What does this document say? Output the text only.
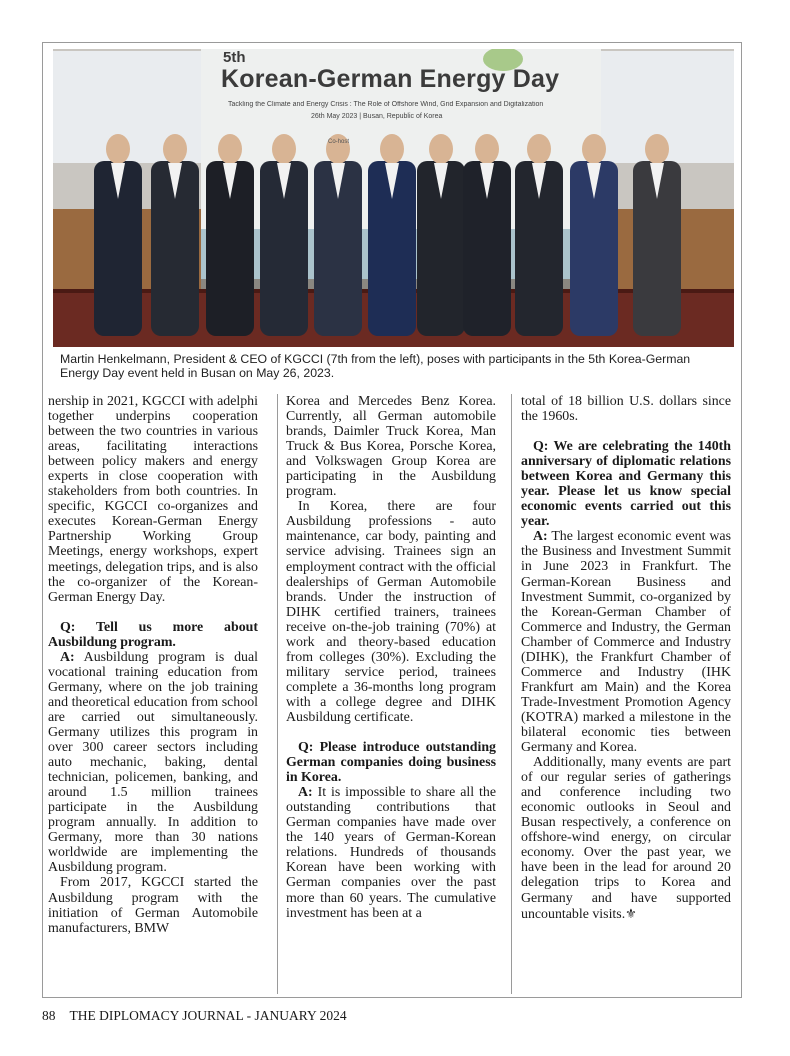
5th
Korean-German Energy Day
Tackling the Climate and Energy Crisis : The Role of Offshore Wind, Grid Expansion and Digitalization
26th May 2023 | Busan, Republic of Korea
Co-host
Martin Henkelmann, President & CEO of KGCCI (7th from the left), poses with participants in the 5th Korea-German Energy Day event held in Busan on May 26, 2023.

nership in 2021, KGCCI with adelphi together underpins cooperation between the two countries in various areas, facilitating interactions between policy makers and energy experts in close cooperation with stakeholders from both countries. In specific, KGCCI co-organizes and executes Korean-German Energy Partnership Working Group Meetings, energy workshops, expert meetings, delegation trips, and is also the co-organizer of the Korean-German Energy Day.

Q: Tell us more about Ausbildung program.

A: Ausbildung program is dual vocational training education from Germany, where on the job training and theoretical education from school are carried out simultaneously. Germany utilizes this program in over 300 career sectors including auto mechanic, baking, dental technician, policemen, banking, and around 1.5 million trainees participate in the Ausbildung program annually. In addition to Germany, more than 30 nations worldwide are implementing the Ausbildung program.

From 2017, KGCCI started the Ausbildung program with the initiation of German Automobile manufacturers, BMW

Korea and Mercedes Benz Korea. Currently, all German automobile brands, Daimler Truck Korea, Man Truck & Bus Korea, Porsche Korea, and Volkswagen Group Korea are participating in the Ausbildung program.

In Korea, there are four Ausbildung professions - auto maintenance, car body, painting and service advising. Trainees sign an employment contract with the official dealerships of German Automobile brands. Under the instruction of DIHK certified trainers, trainees receive on-the-job training (70%) at work and theory-based education from colleges (30%). Excluding the military service period, trainees complete a 36-months long program with a college degree and DIHK Ausbildung certificate.

Q: Please introduce outstanding German companies doing business in Korea.

A: It is impossible to share all the outstanding contributions that German companies have made over the 140 years of German-Korean relations. Hundreds of thousands Korean have been working with German companies over the past more than 60 years. The cumulative investment has been at a

total of 18 billion U.S. dollars since the 1960s.

Q: We are celebrating the 140th anniversary of diplomatic relations between Korea and Germany this year. Please let us know special economic events carried out this year.

A: The largest economic event was the Business and Investment Summit in June 2023 in Frankfurt. The German-Korean Business and Investment Summit, co-organized by the Korean-German Chamber of Commerce and Industry, the German Chamber of Commerce and Industry (DIHK), the Frankfurt Chamber of Commerce and Industry (IHK Frankfurt am Main) and the Korea Trade-Investment Promotion Agency (KOTRA) marked a milestone in the bilateral economic ties between Germany and Korea.

Additionally, many events are part of our regular series of gatherings and conference including two economic outlooks in Seoul and Busan respectively, a conference on offshore-wind energy, on circular economy. Over the past year, we have been in the lead for around 20 delegation trips to Korea and Germany and have supported uncountable visits.⚜

88 THE DIPLOMACY JOURNAL - JANUARY 2024
